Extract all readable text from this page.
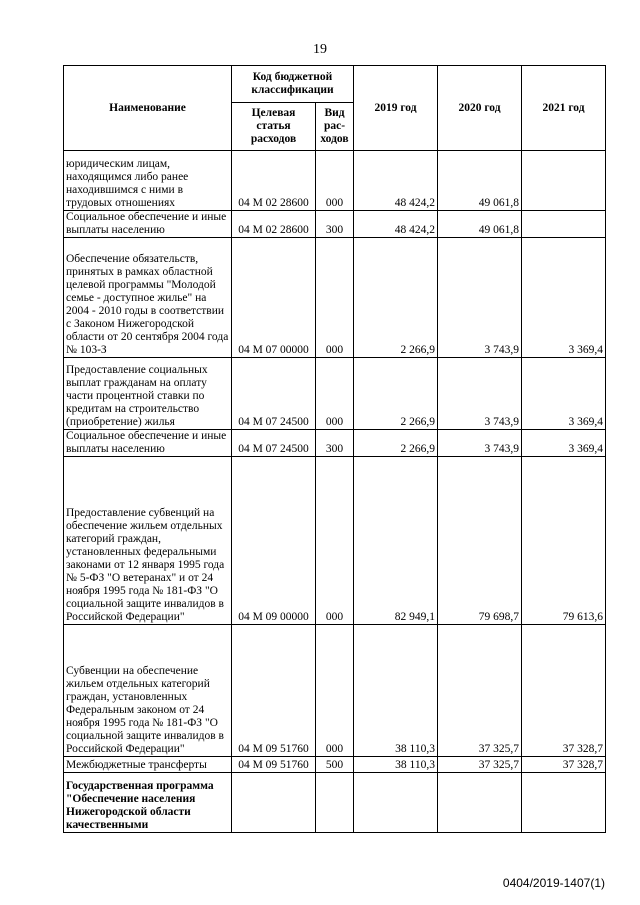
19
Наименование	Код бюджетной классификации		2019 год	2020 год	2021 год
	Целевая статья расходов	Вид рас-ходов			
юридическим лицам, находящимся либо ранее находившимся с ними в трудовых отношениях	04 М 02 28600	000	48 424,2	49 061,8	
Социальное обеспечение и иные выплаты населению	04 М 02 28600	300	48 424,2	49 061,8	
Обеспечение обязательств, принятых в рамках областной целевой программы "Молодой семье - доступное жилье" на 2004 - 2010 годы в соответствии с Законом Нижегородской области от 20 сентября 2004 года № 103-З	04 М 07 00000	000	2 266,9	3 743,9	3 369,4
Предоставление социальных выплат гражданам на оплату части процентной ставки по кредитам на строительство (приобретение) жилья	04 М 07 24500	000	2 266,9	3 743,9	3 369,4
Социальное обеспечение и иные выплаты населению	04 М 07 24500	300	2 266,9	3 743,9	3 369,4
Предоставление субвенций на обеспечение жильем отдельных категорий граждан, установленных федеральными законами от 12 января 1995 года № 5-ФЗ "О ветеранах" и от 24 ноября 1995 года № 181-ФЗ "О социальной защите инвалидов в Российской Федерации"	04 М 09 00000	000	82 949,1	79 698,7	79 613,6
Субвенции на обеспечение жильем отдельных категорий граждан, установленных Федеральным законом от 24 ноября 1995 года № 181-ФЗ "О социальной защите инвалидов в Российской Федерации"	04 М 09 51760	000	38 110,3	37 325,7	37 328,7
Межбюджетные трансферты	04 М 09 51760	500	38 110,3	37 325,7	37 328,7
Государственная программа "Обеспечение населения Нижегородской области качественными					
0404/2019-1407(1)
